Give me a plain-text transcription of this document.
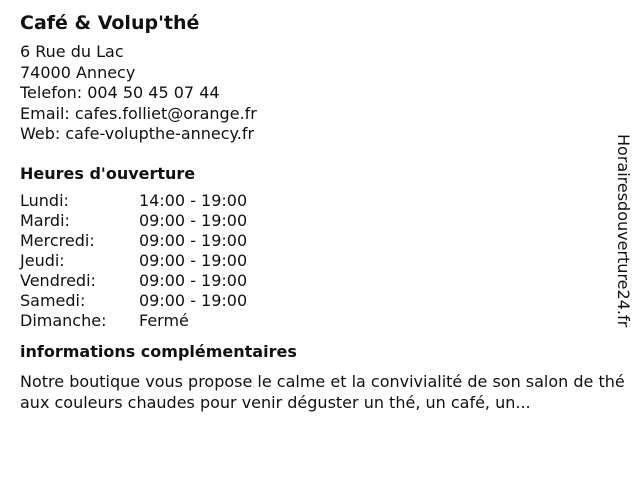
Café & Volup'thé
6 Rue du Lac
74000 Annecy
Telefon: 004 50 45 07 44
Email: cafes.folliet@orange.fr
Web: cafe-volupthe-annecy.fr
Heures d'ouverture
Lundi:	14:00 - 19:00
Mardi:	09:00 - 19:00
Mercredi:	09:00 - 19:00
Jeudi:	09:00 - 19:00
Vendredi:	09:00 - 19:00
Samedi:	09:00 - 19:00
Dimanche:	Fermé
informations complémentaires
Notre boutique vous propose le calme et la convivialité de son salon de thé aux couleurs chaudes pour venir déguster un thé, un café, un...
Horairesdouverture24.fr
